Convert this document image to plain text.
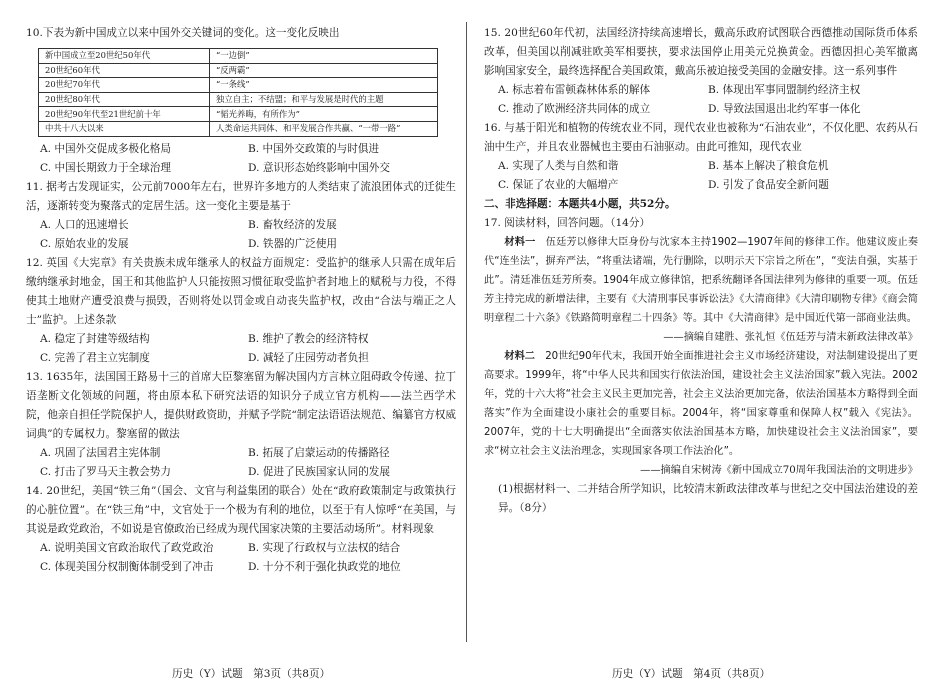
10.下表为新中国成立以来中国外交关键词的变化。这一变化反映出

新中国成立至20世纪50年代	“一边倒”
20世纪60年代	“反两霸”
20世纪70年代	“一条线”
20世纪80年代	独立自主；不结盟；和平与发展是时代的主题
20世纪90年代至21世纪前十年	“韬光养晦，有所作为”
中共十八大以来	人类命运共同体、和平发展合作共赢、“一带一路”
A. 中国外交促成多极化格局	B. 中国外交政策的与时俱进
C. 中国长期致力于全球治理	D. 意识形态始终影响中国外交

11. 据考古发现证实，公元前7000年左右，世界许多地方的人类结束了流浪团体式的迁徙生活，逐渐转变为聚落式的定居生活。这一变化主要是基于

A. 人口的迅速增长	B. 畜牧经济的发展
C. 原始农业的发展	D. 铁器的广泛使用

12. 英国《大宪章》有关贵族未成年继承人的权益方面规定：受监护的继承人只需在成年后缴纳继承封地金，国王和其他监护人只能按照习惯征取受监护者封地上的赋税与力役，不得使其土地财产遭受浪费与损毁，否则将处以罚金或自动丧失监护权，改由“合法与端正之人士”监护。上述条款

A. 稳定了封建等级结构	B. 维护了教会的经济特权
C. 完善了君主立宪制度	D. 减轻了庄园劳动者负担

13. 1635年，法国国王路易十三的首席大臣黎塞留为解决国内方言林立阻碍政令传递、拉丁语垄断文化领域的问题，将由原本私下研究法语的知识分子成立官方机构——法兰西学术院，他亲自担任学院保护人，提供财政资助，并赋予学院“制定法语语法规范、编纂官方权威词典”的专属权力。黎塞留的做法

A. 巩固了法国君主宪体制	B. 拓展了启蒙运动的传播路径
C. 打击了罗马天主教会势力	D. 促进了民族国家认同的发展

14. 20世纪，美国“铁三角”（国会、文官与利益集团的联合）处在“政府政策制定与政策执行的心脏位置”。在“铁三角”中，文官处于一个极为有利的地位，以至于有人惊呼“在美国，与其说是政党政治，不如说是官僚政治已经成为现代国家决策的主要活动场所”。材料现象

A. 说明美国文官政治取代了政党政治	B. 实现了行政权与立法权的结合
C. 体现美国分权制衡体制受到了冲击	D. 十分不利于强化执政党的地位
历史（Y）试题　第3页（共8页）

15. 20世纪60年代初，法国经济持续高速增长，戴高乐政府试图联合西德推动国际货币体系改革，但美国以削减驻欧美军相要挟，要求法国停止用美元兑换黄金。西德因担心美军撤离影响国家安全，最终选择配合美国政策，戴高乐被迫接受美国的金融安排。这一系列事件

A. 标志着布雷顿森林体系的解体	B. 体现出军事同盟制约经济主权
C. 推动了欧洲经济共同体的成立	D. 导致法国退出北约军事一体化

16. 与基于阳光和植物的传统农业不同，现代农业也被称为“石油农业”，不仅化肥、农药从石油中生产，并且农业器械也主要由石油驱动。由此可推知，现代农业

A. 实现了人类与自然和谐	B. 基本上解决了粮食危机
C. 保证了农业的大幅增产	D. 引发了食品安全新问题

二、非选择题：本题共4小题，共52分。

17. 阅读材料，回答问题。（14分）

材料一　 伍廷芳以修律大臣身份与沈家本主持1902—1907年间的修律工作。他建议废止奏代“连坐法”，摒弃严法，“将重法诸端，先行删除，以明示天下宗旨之所在”，“变法自强，实基于此”。清廷准伍廷芳所奏。1904年成立修律馆，把系统翻译各国法律列为修律的重要一项。伍廷芳主持完成的新增法律，主要有《大清刑事民事诉讼法》《大清商律》《大清印刷物专律》《商会简明章程二十六条》《铁路简明章程二十四条》等。其中《大清商律》是中国近代第一部商业法典。

——摘编自建胜、张礼恒《伍廷芳与清末新政法律改革》

材料二　 20世纪90年代末，我国开始全面推进社会主义市场经济建设，对法制建设提出了更高要求。1999年，将“中华人民共和国实行依法治国，建设社会主义法治国家”载入宪法。2002年，党的十六大将“社会主义民主更加完善，社会主义法治更加完备，依法治国基本方略得到全面落实”作为全面建设小康社会的重要目标。2004年，将“国家尊重和保障人权”载入《宪法》。2007年，党的十七大明确提出“全面落实依法治国基本方略，加快建设社会主义法治国家”，要求“树立社会主义法治理念，实现国家各项工作法治化”。

——摘编自宋树涛《新中国成立70周年我国法治的文明进步》

(1)根据材料一、二并结合所学知识，比较清末新政法律改革与世纪之交中国法治建设的差异。（8分）

历史（Y）试题　第4页（共8页）
